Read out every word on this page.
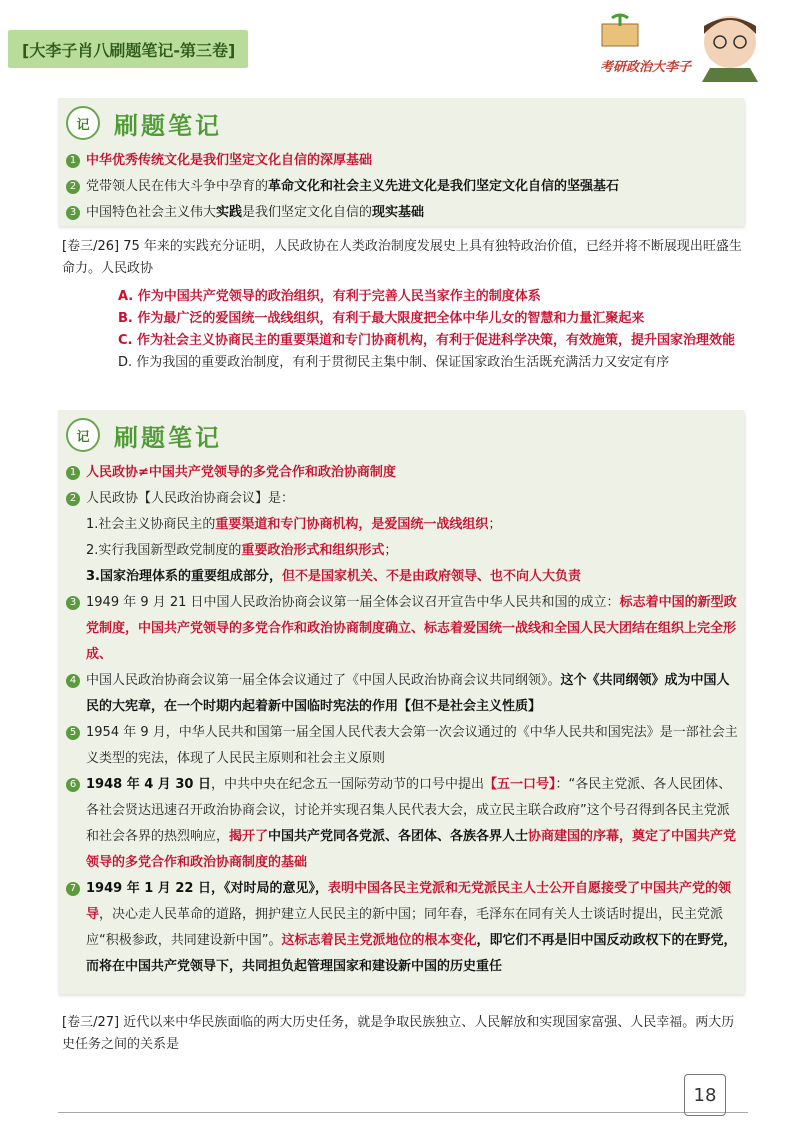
[大李子肖八刷题笔记-第三卷]
考研政治大李子
记	刷题笔记
1 中华优秀传统文化是我们坚定文化自信的深厚基础
2 党带领人民在伟大斗争中孕育的革命文化和社会主义先进文化是我们坚定文化自信的坚强基石
3 中国特色社会主义伟大实践是我们坚定文化自信的现实基础
[卷三/26] 75 年来的实践充分证明，人民政协在人类政治制度发展史上具有独特政治价值，已经并将不断展现出旺盛生命力。人民政协
A. 作为中国共产党领导的政治组织，有利于完善人民当家作主的制度体系
B. 作为最广泛的爱国统一战线组织，有利于最大限度把全体中华儿女的智慧和力量汇聚起来
C. 作为社会主义协商民主的重要渠道和专门协商机构，有利于促进科学决策，有效施策，提升国家治理效能
D. 作为我国的重要政治制度，有利于贯彻民主集中制、保证国家政治生活既充满活力又安定有序
记	刷题笔记
1 人民政协≠中国共产党领导的多党合作和政治协商制度
2 人民政协【人民政治协商会议】是：
1.社会主义协商民主的重要渠道和专门协商机构，是爱国统一战线组织；
2.实行我国新型政党制度的重要政治形式和组织形式；
3.国家治理体系的重要组成部分，但不是国家机关、不是由政府领导、也不向人大负责
3 1949 年 9 月 21 日中国人民政治协商会议第一届全体会议召开宣告中华人民共和国的成立：标志着中国的新型政党制度，中国共产党领导的多党合作和政治协商制度确立、标志着爱国统一战线和全国人民大团结在组织上完全形成、
4 中国人民政治协商会议第一届全体会议通过了《中国人民政治协商会议共同纲领》。这个《共同纲领》成为中国人民的大宪章，在一个时期内起着新中国临时宪法的作用【但不是社会主义性质】
5 1954 年 9 月，中华人民共和国第一届全国人民代表大会第一次会议通过的《中华人民共和国宪法》是一部社会主义类型的宪法，体现了人民民主原则和社会主义原则
6 1948 年 4 月 30 日，中共中央在纪念五一国际劳动节的口号中提出【五一口号】：“各民主党派、各人民团体、各社会贤达迅速召开政治协商会议，讨论并实现召集人民代表大会，成立民主联合政府”这个号召得到各民主党派和社会各界的热烈响应，揭开了中国共产党同各党派、各团体、各族各界人士协商建国的序幕，奠定了中国共产党领导的多党合作和政治协商制度的基础
7 1949 年 1 月 22 日，《对时局的意见》，表明中国各民主党派和无党派民主人士公开自愿接受了中国共产党的领导，决心走人民革命的道路，拥护建立人民民主的新中国；同年春，毛泽东在同有关人士谈话时提出，民主党派应“积极参政，共同建设新中国”。这标志着民主党派地位的根本变化，即它们不再是旧中国反动政权下的在野党，而将在中国共产党领导下，共同担负起管理国家和建设新中国的历史重任
[卷三/27] 近代以来中华民族面临的两大历史任务，就是争取民族独立、人民解放和实现国家富强、人民幸福。两大历史任务之间的关系是
18
